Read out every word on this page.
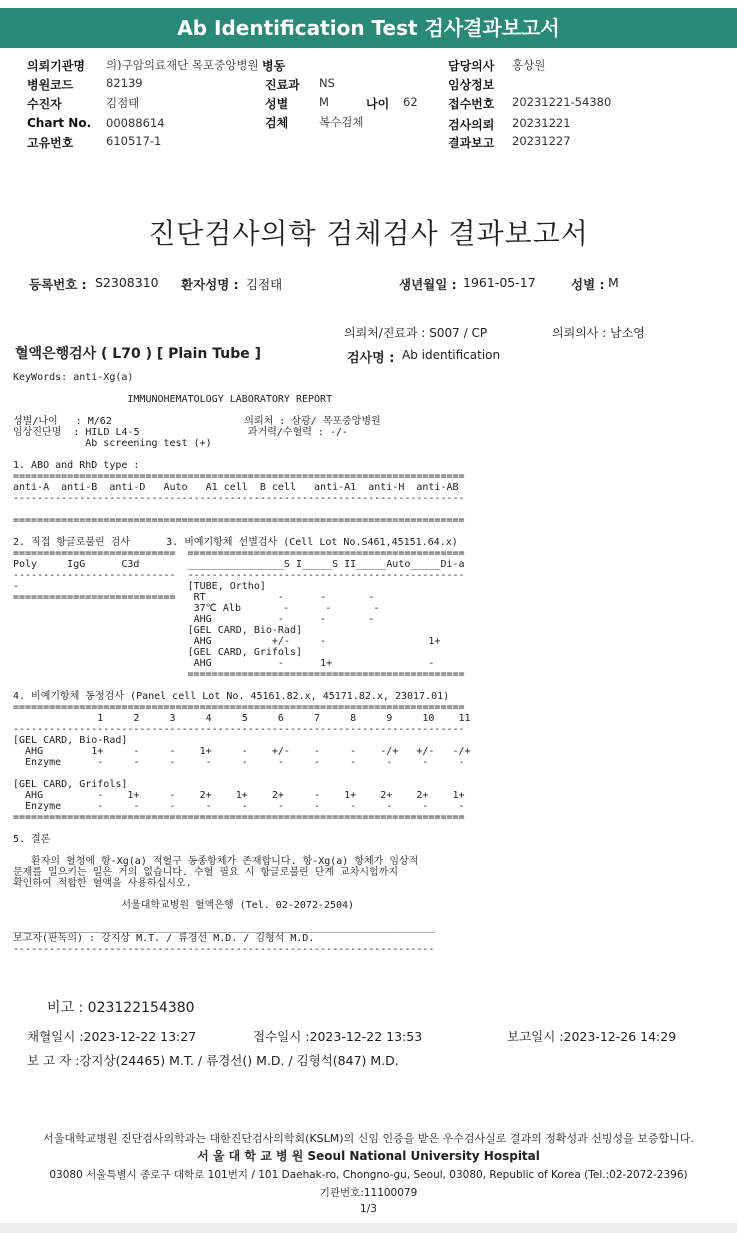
Ab Identification Test 검사결과보고서
의뢰기관명 의)구암의료재단 목포중앙병원 병동	담당의사 홍상원
병원코드	82139	진료과 NS	임상정보
수진자	김점태	성별	M	나이 62	접수번호 20231221-54380
Chart No. 00088614	검체	복수검체	검사의뢰 20231221
고유번호	610517-1	결과보고 20231227
진단검사의학 검체검사 결과보고서
등록번호 : S2308310 환자성명 : 김점태	생년월일 : 1961-05-17	성별 : M
의뢰처/진료과 : S007 / CP	의뢰의사 : 남소영
혈액은행검사 ( L70 ) [ Plain Tube ]	검사명 : Ab identification
KeyWords: anti-Xg(a)

IMMUNOHEMATOLOGY LABORATORY REPORT

성별/나이   : M/62                      의뢰처 : 삼광/ 목포중앙병원
임상진단명  : HILD L4-5                  과거력/수혈력 : -/-
Ab screening test (+)

1. ABO and RhD type :
===========================================================================
anti-A  anti-B  anti-D   Auto   A1 cell  B cell   anti-A1  anti-H  anti-AB
---------------------------------------------------------------------------

===========================================================================

2. 직접 항글로불린 검사      3. 비예기항체 선별검사 (Cell Lot No.S461,45151.64.x)
===========================  ==============================================
Poly     IgG      C3d        ________________S I_____S II_____Auto_____Di-a
---------------------------  ----------------------------------------------
-                            [TUBE, Ortho]
===========================   RT            -      -       -
37℃ Alb       -      -       -
AHG           -      -       -
[GEL CARD, Bio-Rad]
AHG          +/-     -                 1+
[GEL CARD, Grifols]
AHG           -      1+                -
==============================================

4. 비예기항체 동정검사 (Panel cell Lot No. 45161.82.x, 45171.82.x, 23017.01)
===========================================================================
1     2     3     4     5     6     7     8     9     10    11
---------------------------------------------------------------------------
[GEL CARD, Bio-Rad]
AHG        1+     -     -    1+     -    +/-    -     -    -/+   +/-   -/+
Enzyme      -     -     -     -     -     -     -     -     -     -     -

[GEL CARD, Grifols]
AHG         -    1+     -    2+    1+    2+     -    1+    2+    2+    1+
Enzyme      -     -     -     -     -     -     -     -     -     -     -
===========================================================================

5. 결론

환자의 혈청에 항-Xg(a) 적혈구 동종항체가 존재합니다. 항-Xg(a) 항체가 임상적
문제를 일으키는 일은 거의 없습니다. 수혈 필요 시 항글로불린 단계 교차시험까지
확인하여 적합한 혈액을 사용하십시오.

서울대학교병원 혈액은행 (Tel. 02-2072-2504)

______________________________________________________________________
보고자(판독의) : 강지상 M.T. / 류경선 M.D. / 김형석 M.D.
----------------------------------------------------------------------
비고 : 023122154380
채혈일시 :2023-12-22 13:27	접수일시 :2023-12-22 13:53	보고일시 :2023-12-26 14:29
보 고 자 :강지상(24465) M.T. / 류경선() M.D. / 김형석(847) M.D.
서울대학교병원 진단검사의학과는 대한진단검사의학회(KSLM)의 신임 인증을 받은 우수검사실로 결과의 정확성과 신빙성을 보증합니다.
서 울 대 학 교 병 원 Seoul National University Hospital
03080 서울특별시 종로구 대학로 101번지 / 101 Daehak-ro, Chongno-gu, Seoul, 03080, Republic of Korea (Tel.:02-2072-2396)
기관번호:11100079
1/3
